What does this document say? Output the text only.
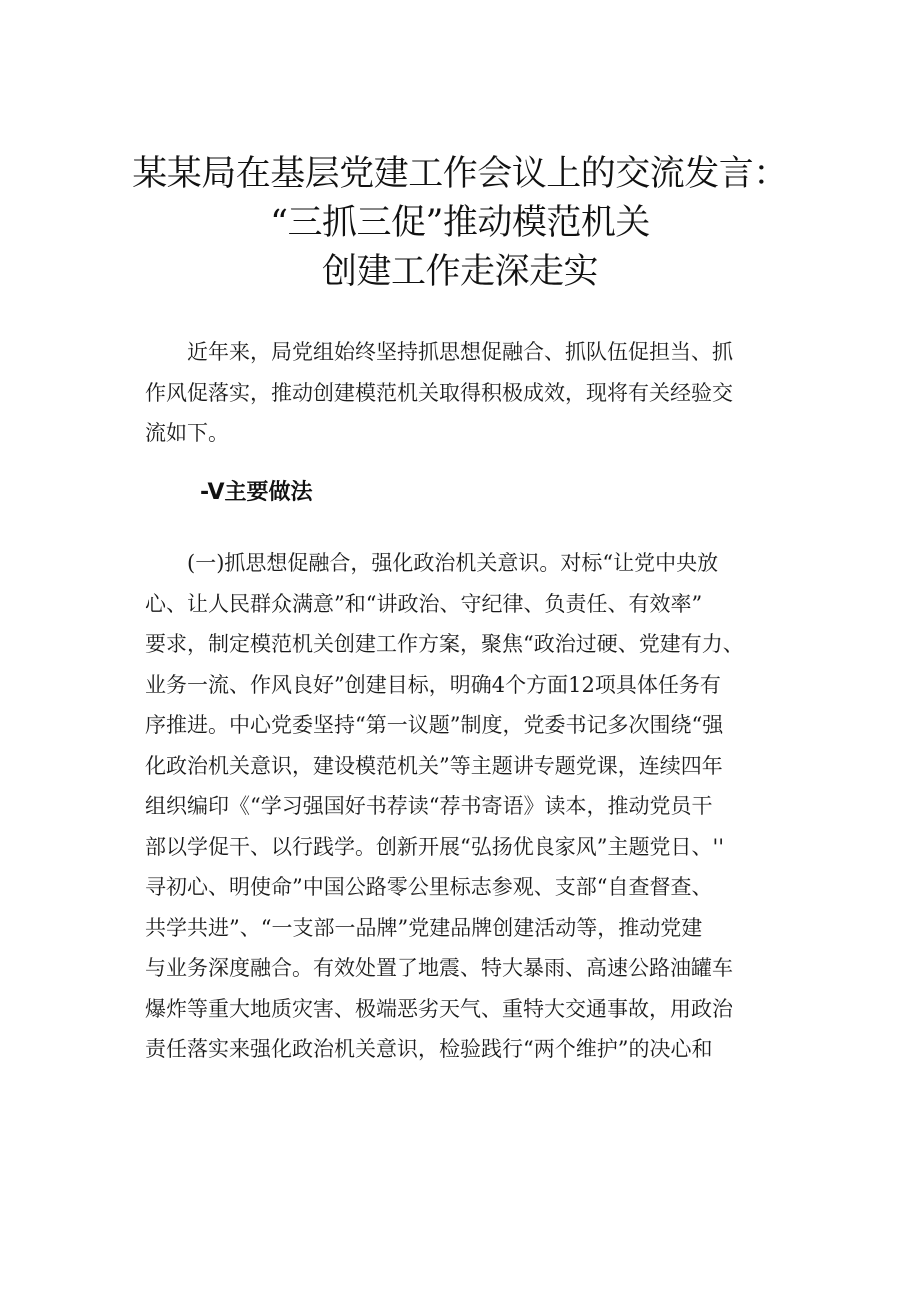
某某局在基层党建工作会议上的交流发言：
“三抓三促”推动模范机关
创建工作走深走实
　　近年来，局党组始终坚持抓思想促融合、抓队伍促担当、抓
作风促落实，推动创建模范机关取得积极成效，现将有关经验交
流如下。
-V主要做法
　　(一)抓思想促融合，强化政治机关意识。对标“让党中央放
心、让人民群众满意”和“讲政治、守纪律、负责任、有效率”
要求，制定模范机关创建工作方案，聚焦“政治过硬、党建有力、
业务一流、作风良好”创建目标，明确4个方面12项具体任务有
序推进。中心党委坚持“第一议题”制度，党委书记多次围绕“强
化政治机关意识，建设模范机关”等主题讲专题党课，连续四年
组织编印《“学习强国好书荐读“荐书寄语》读本，推动党员干
部以学促干、以行践学。创新开展“弘扬优良家风”主题党日、''
寻初心、明使命”中国公路零公里标志参观、支部“自查督查、
共学共进”、“一支部一品牌”党建品牌创建活动等，推动党建
与业务深度融合。有效处置了地震、特大暴雨、高速公路油罐车
爆炸等重大地质灾害、极端恶劣天气、重特大交通事故，用政治
责任落实来强化政治机关意识，检验践行“两个维护”的决心和
